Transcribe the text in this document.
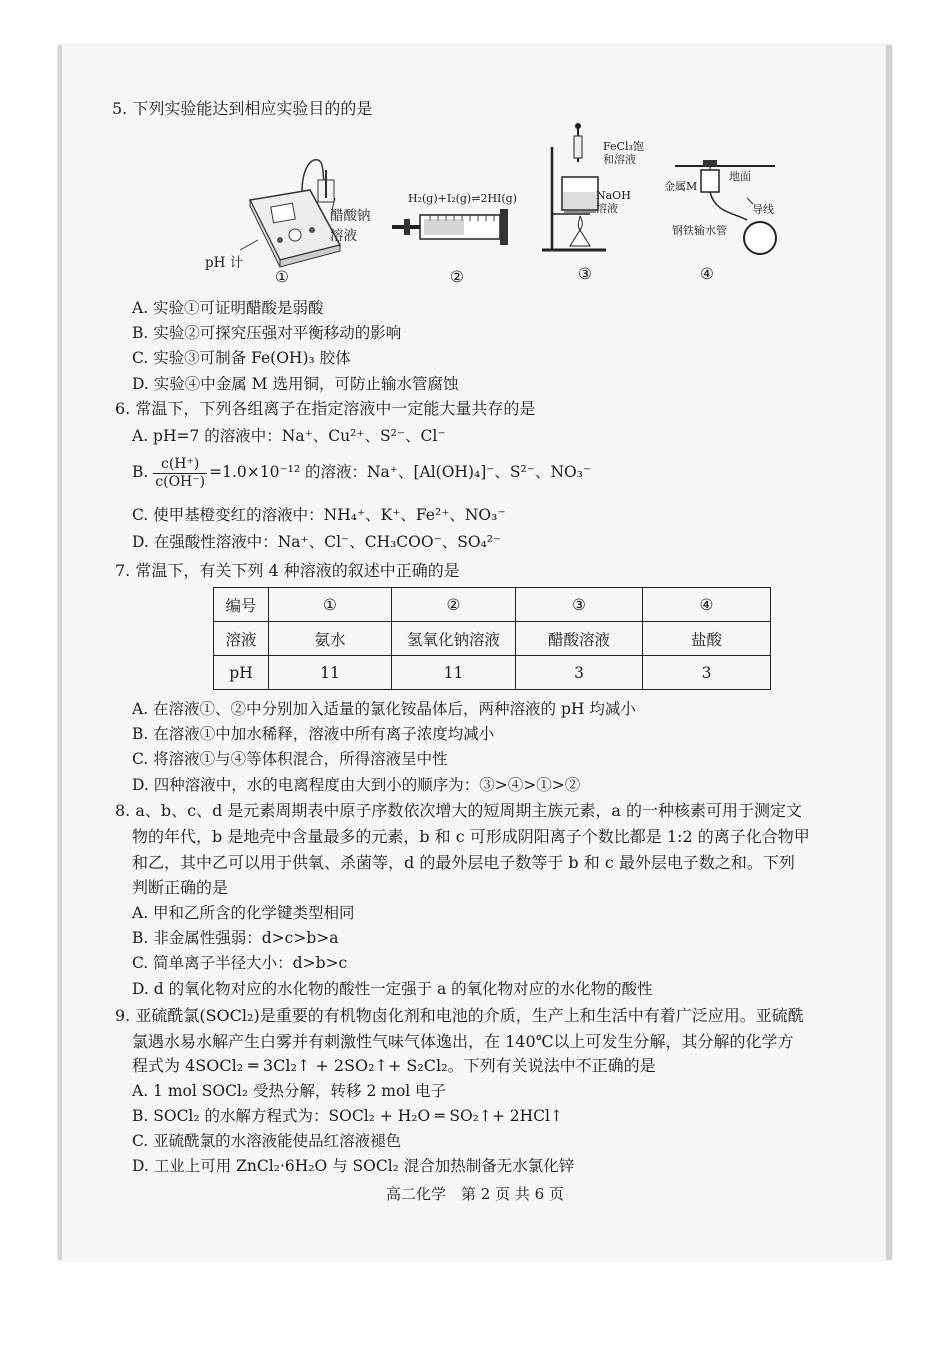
5. 下列实验能达到相应实验目的的是
醋酸钠
溶液
pH 计
①
H₂(g)+I₂(g)⇌2HI(g)
②
FeCl₃饱
和溶液
NaOH
溶液
③
地面
金属M
导线
钢铁输水管
④
A. 实验①可证明醋酸是弱酸
B. 实验②可探究压强对平衡移动的影响
C. 实验③可制备 Fe(OH)₃ 胶体
D. 实验④中金属 M 选用铜，可防止输水管腐蚀
6. 常温下，下列各组离子在指定溶液中一定能大量共存的是
A. pH=7 的溶液中：Na⁺、Cu²⁺、S²⁻、Cl⁻
B. $\frac{c(H^+)}{c(OH^-)} =1.0\times 10^{-12}$ 的溶液：Na⁺、[Al(OH)₄]⁻、S²⁻、NO₃⁻
C. 使甲基橙变红的溶液中：NH₄⁺、K⁺、Fe²⁺、NO₃⁻
D. 在强酸性溶液中：Na⁺、Cl⁻、CH₃COO⁻、SO₄²⁻
7. 常温下，有关下列 4 种溶液的叙述中正确的是
编号	①	②	③	④
溶液	氨水	氢氧化钠溶液	醋酸溶液	盐酸
pH	11	11	3	3
A. 在溶液①、②中分别加入适量的氯化铵晶体后，两种溶液的 pH 均减小
B. 在溶液①中加水稀释，溶液中所有离子浓度均减小
C. 将溶液①与④等体积混合，所得溶液呈中性
D. 四种溶液中，水的电离程度由大到小的顺序为：③>④>①>②
8. a、b、c、d 是元素周期表中原子序数依次增大的短周期主族元素，a 的一种核素可用于测定文
物的年代，b 是地壳中含量最多的元素，b 和 c 可形成阴阳离子个数比都是 1:2 的离子化合物甲
和乙，其中乙可以用于供氧、杀菌等，d 的最外层电子数等于 b 和 c 最外层电子数之和。下列
判断正确的是
A. 甲和乙所含的化学键类型相同
B. 非金属性强弱：d>c>b>a
C. 简单离子半径大小：d>b>c
D. d 的氧化物对应的水化物的酸性一定强于 a 的氧化物对应的水化物的酸性
9. 亚硫酰氯(SOCl₂)是重要的有机物卤化剂和电池的介质，生产上和生活中有着广泛应用。亚硫酰
氯遇水易水解产生白雾并有刺激性气味气体逸出，在 140℃以上可发生分解，其分解的化学方
程式为 4SOCl₂ ═ 3Cl₂↑ + 2SO₂↑+ S₂Cl₂。下列有关说法中不正确的是
A. 1 mol SOCl₂ 受热分解，转移 2 mol 电子
B. SOCl₂ 的水解方程式为：SOCl₂ + H₂O ═ SO₂↑+ 2HCl↑
C. 亚硫酰氯的水溶液能使品红溶液褪色
D. 工业上可用 ZnCl₂·6H₂O 与 SOCl₂ 混合加热制备无水氯化锌
高二化学　第 2 页 共 6 页
